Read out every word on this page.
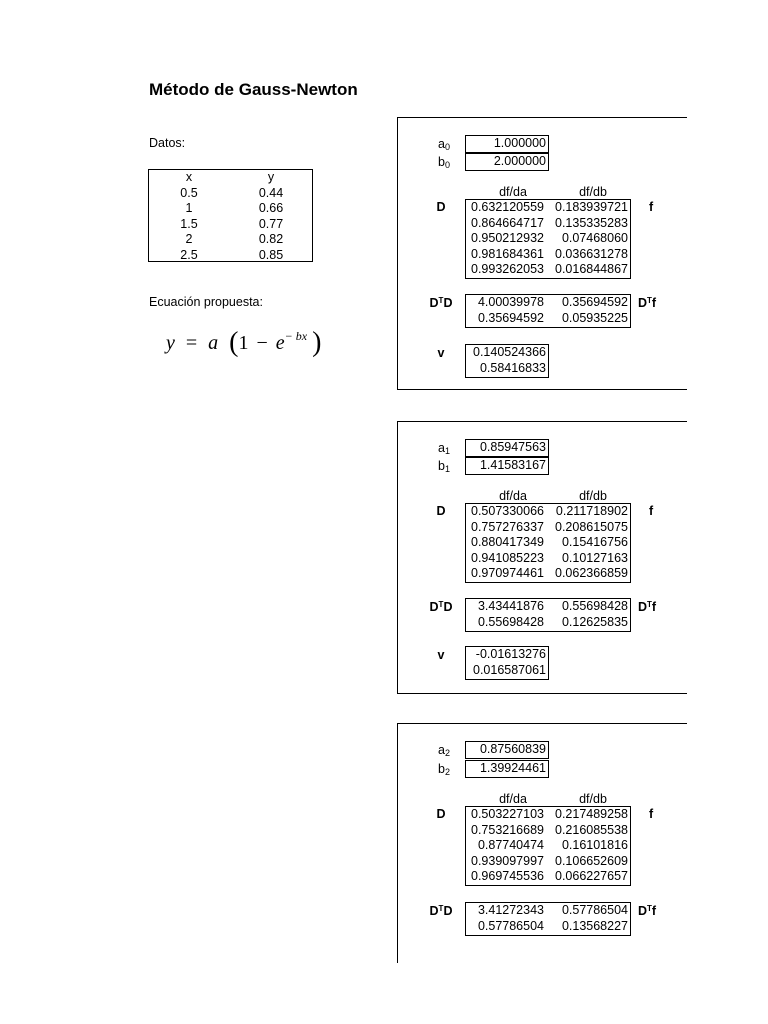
Método de Gauss-Newton
Datos:
x	y
0.5	0.44
1	0.66
1.5	0.77
2	0.82
2.5	0.85
Ecuación propuesta:
y = a ($1 - e^{- bx}$ )
$a_0$	1.000000
$b_0$	2.000000
df/da	df/db
D	f
0.632120559 0.183939721
0.864664717 0.135335283
0.950212932 0.07468060
0.981684361 0.036631278
0.993262053 0.016844867
$D^TD$	$D^Tf$
4.00039978 0.35694592
0.35694592 0.05935225
v	0.140524366
0.58416833
$a_1$	0.85947563
$b_1$	1.41583167
df/da	df/db
D	f
0.507330066 0.211718902
0.757276337 0.208615075
0.880417349 0.15416756
0.941085223 0.10127163
0.970974461 0.062366859
$D^TD$	$D^Tf$
3.43441876 0.55698428
0.55698428 0.12625835
v	-0.01613276
0.016587061
$a_2$	0.87560839
$b_2$	1.39924461
df/da	df/db
D	f
0.503227103 0.217489258
0.753216689 0.216085538
0.87740474 0.16101816
0.939097997 0.106652609
0.969745536 0.066227657
$D^TD$	$D^Tf$
3.41272343 0.57786504
0.57786504 0.13568227
